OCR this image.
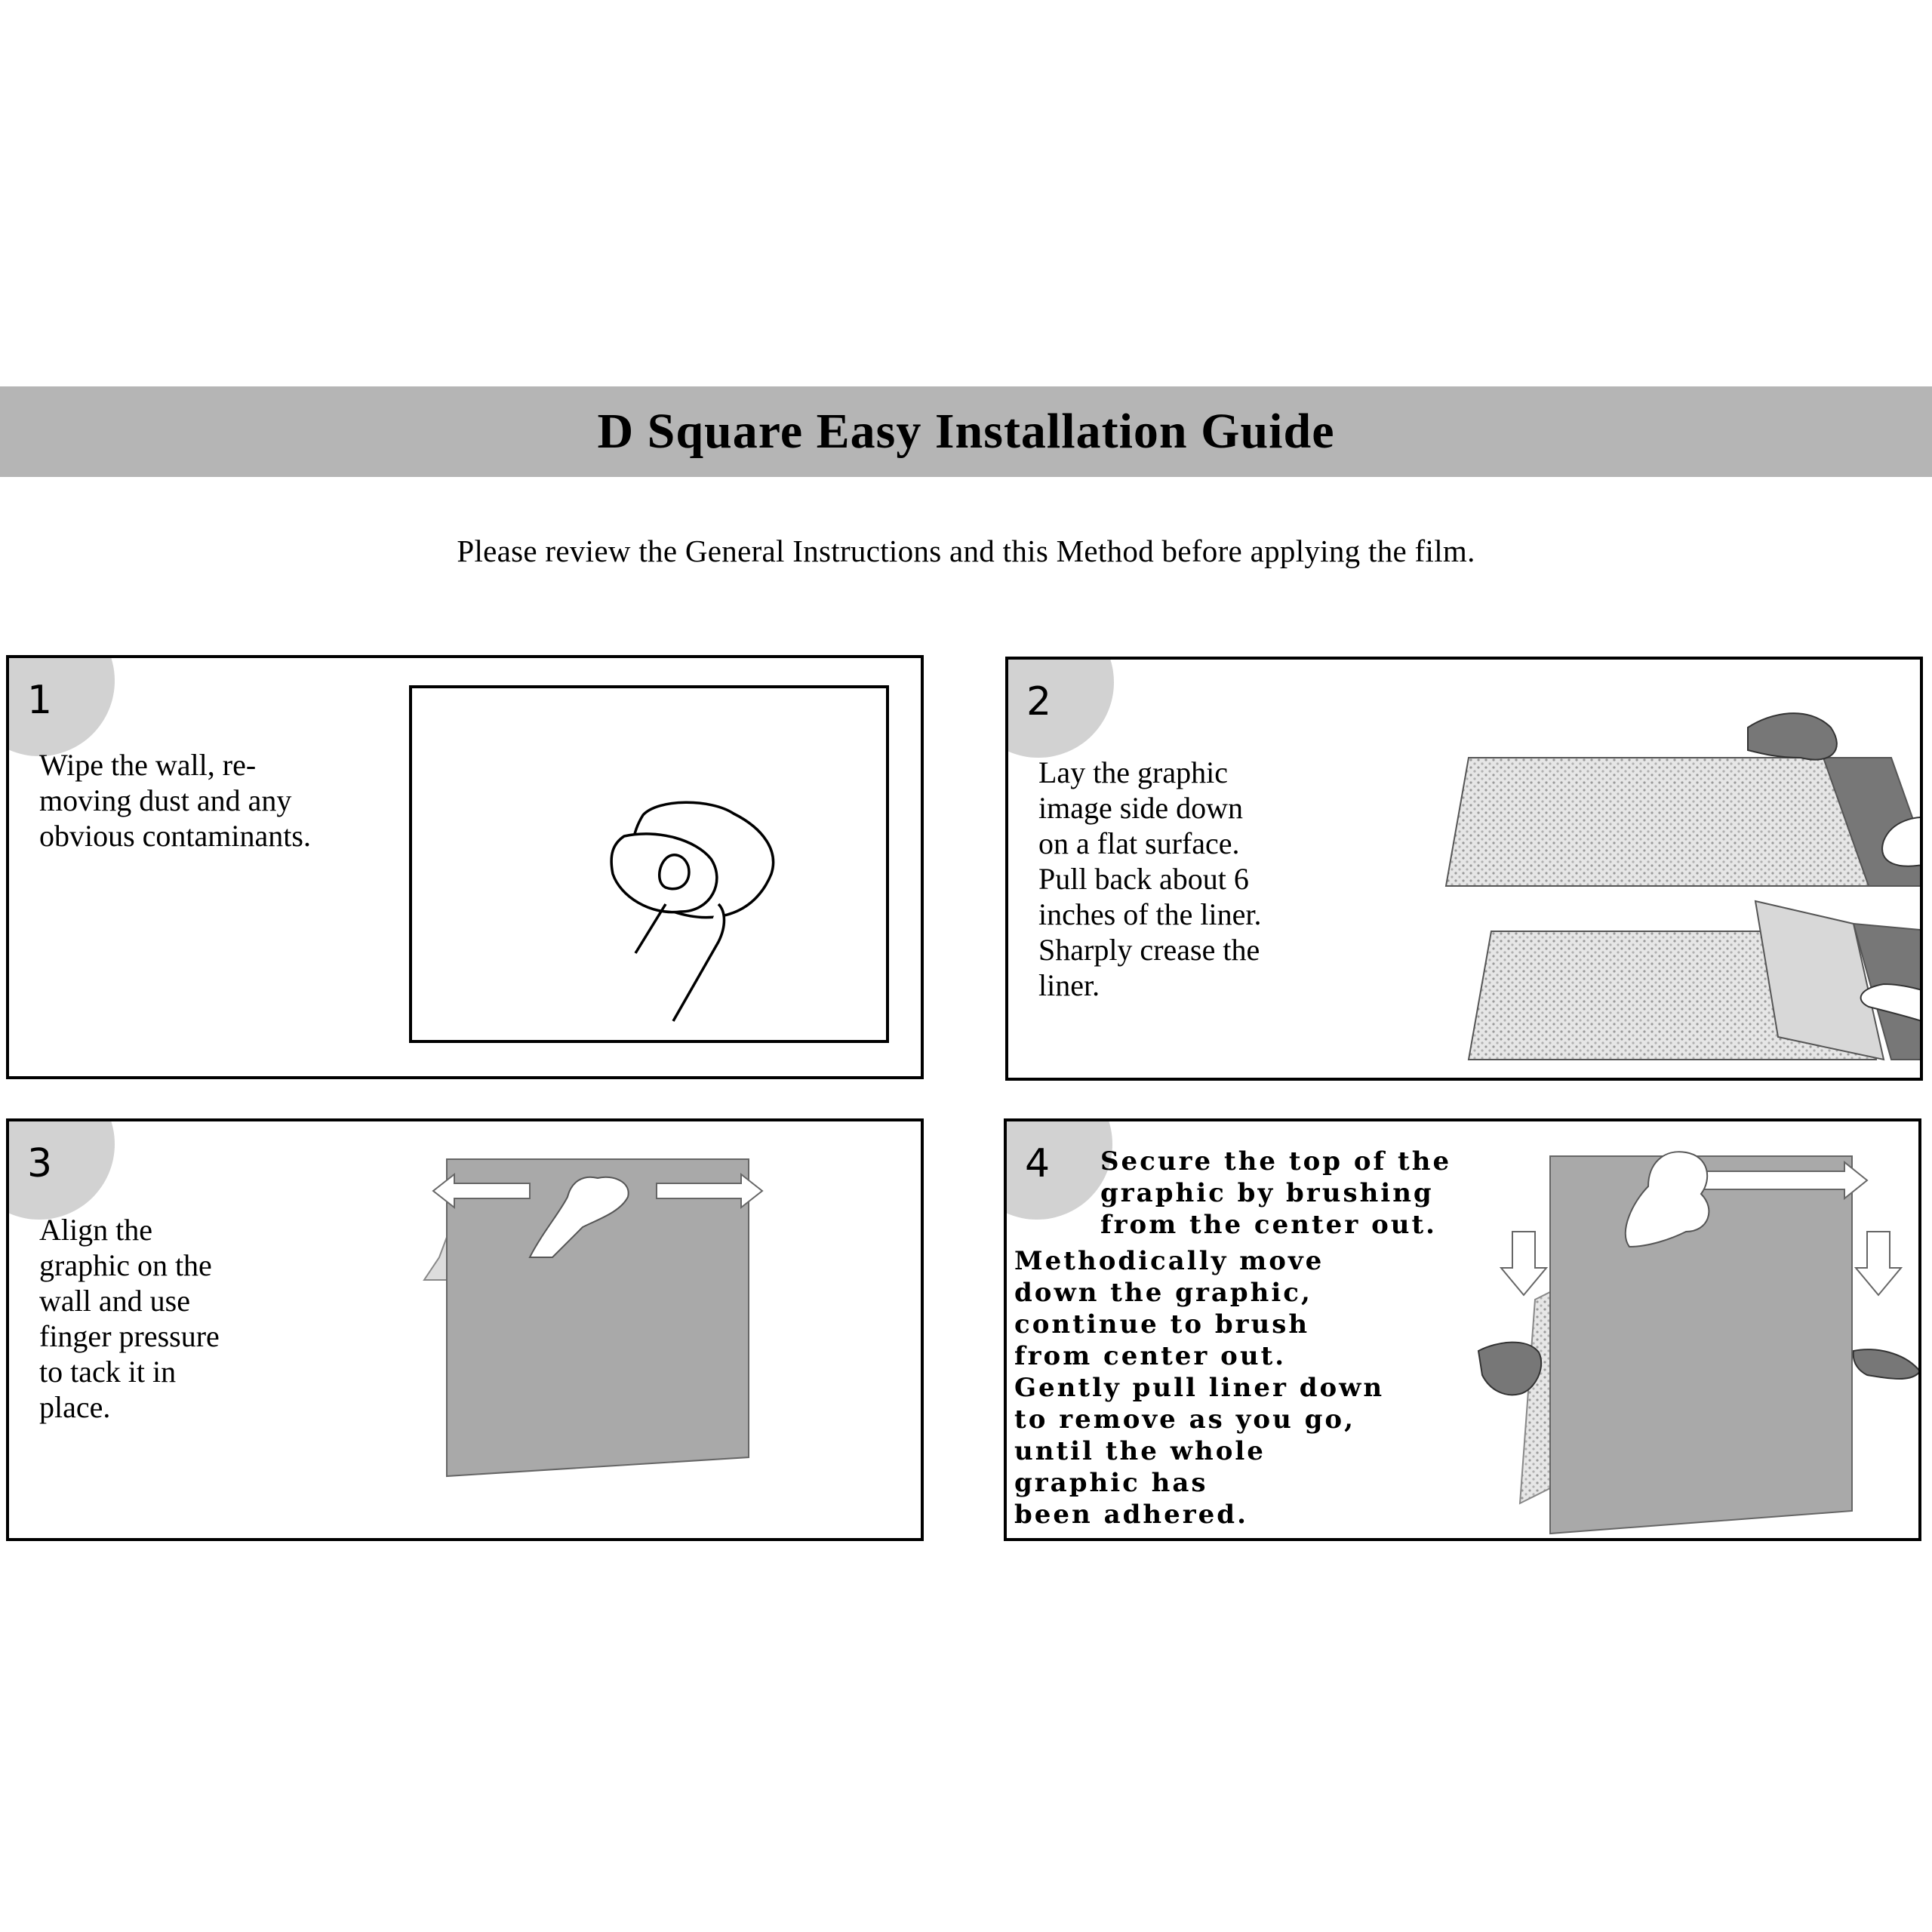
D Square Easy Installation Guide
Please review the General Instructions and this Method before applying the film.
1
Wipe the wall, re-
moving dust and any
obvious contaminants.
2
Lay the graphic
image side down
on a flat surface.
Pull back about 6
inches of the liner.
Sharply crease the
liner.
3
Align the
graphic on the
wall and use
finger pressure
to tack it in
place.
4 Secure the top of the
graphic by brushing
from the center out.
Methodically move
down the graphic,
continue to brush
from center out.
Gently pull liner down
to remove as you go,
until the whole
graphic has
been adhered.
